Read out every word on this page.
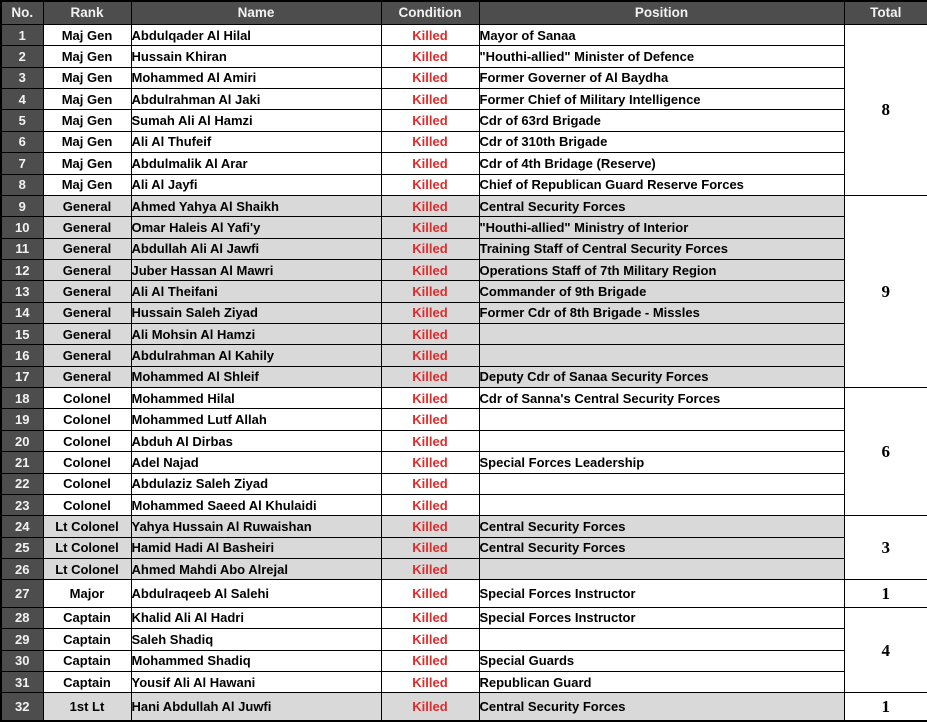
No.	Rank	Name	Condition	Position	Total
1	Maj Gen	Abdulqader Al Hilal	Killed	Mayor of Sanaa	8
2	Maj Gen	Hussain Khiran	Killed	"Houthi-allied" Minister of Defence	
3	Maj Gen	Mohammed Al Amiri	Killed	Former Governer of Al Baydha	
4	Maj Gen	Abdulrahman Al Jaki	Killed	Former Chief of Military Intelligence	
5	Maj Gen	Sumah Ali Al Hamzi	Killed	Cdr of 63rd Brigade	
6	Maj Gen	Ali Al Thufeif	Killed	Cdr of 310th Brigade	
7	Maj Gen	Abdulmalik Al Arar	Killed	Cdr of 4th Bridage (Reserve)	
8	Maj Gen	Ali Al Jayfi	Killed	Chief of Republican Guard Reserve Forces	
9	General	Ahmed Yahya Al Shaikh	Killed	Central Security Forces	9
10	General	Omar Haleis Al Yafi'y	Killed	"Houthi-allied" Ministry of Interior	
11	General	Abdullah Ali Al Jawfi	Killed	Training Staff of Central Security Forces	
12	General	Juber Hassan Al Mawri	Killed	Operations Staff of 7th Military Region	
13	General	Ali Al Theifani	Killed	Commander of 9th Brigade	
14	General	Hussain Saleh Ziyad	Killed	Former Cdr of 8th Brigade - Missles	
15	General	Ali Mohsin Al Hamzi	Killed		
16	General	Abdulrahman Al Kahily	Killed		
17	General	Mohammed Al Shleif	Killed	Deputy Cdr of Sanaa Security Forces	
18	Colonel	Mohammed Hilal	Killed	Cdr of Sanna's Central Security Forces	6
19	Colonel	Mohammed Lutf Allah	Killed		
20	Colonel	Abduh Al Dirbas	Killed		
21	Colonel	Adel Najad	Killed	Special Forces Leadership	
22	Colonel	Abdulaziz Saleh Ziyad	Killed		
23	Colonel	Mohammed Saeed Al Khulaidi	Killed		
24	Lt Colonel	Yahya Hussain Al Ruwaishan	Killed	Central Security Forces	3
25	Lt Colonel	Hamid Hadi Al Basheiri	Killed	Central Security Forces	
26	Lt Colonel	Ahmed Mahdi Abo Alrejal	Killed		
27	Major	Abdulraqeeb Al Salehi	Killed	Special Forces Instructor	1
28	Captain	Khalid Ali Al Hadri	Killed	Special Forces Instructor	4
29	Captain	Saleh Shadiq	Killed		
30	Captain	Mohammed Shadiq	Killed	Special Guards	
31	Captain	Yousif Ali Al Hawani	Killed	Republican Guard	
32	1st Lt	Hani Abdullah Al Juwfi	Killed	Central Security Forces	1
